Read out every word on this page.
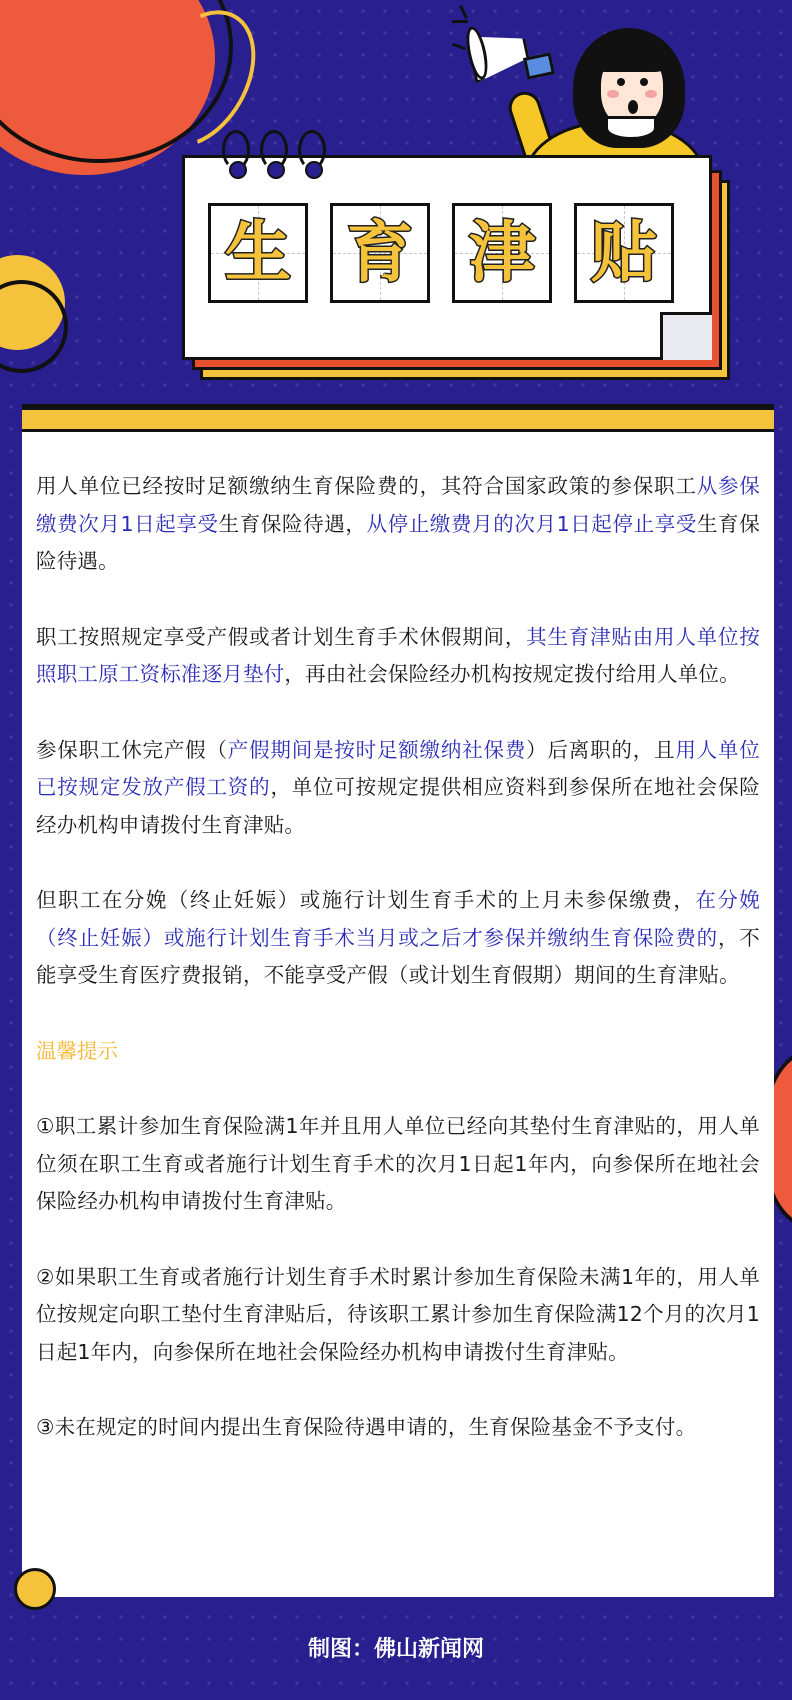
生 育 津 贴

用人单位已经按时足额缴纳生育保险费的，其符合国家政策的参保职工从参保缴费次月1日起享受生育保险待遇，从停止缴费月的次月1日起停止享受生育保险待遇。

职工按照规定享受产假或者计划生育手术休假期间，其生育津贴由用人单位按照职工原工资标准逐月垫付，再由社会保险经办机构按规定拨付给用人单位。

参保职工休完产假（产假期间是按时足额缴纳社保费）后离职的，且用人单位已按规定发放产假工资的，单位可按规定提供相应资料到参保所在地社会保险经办机构申请拨付生育津贴。

但职工在分娩（终止妊娠）或施行计划生育手术的上月未参保缴费，在分娩（终止妊娠）或施行计划生育手术当月或之后才参保并缴纳生育保险费的，不能享受生育医疗费报销，不能享受产假（或计划生育假期）期间的生育津贴。

温馨提示

①职工累计参加生育保险满1年并且用人单位已经向其垫付生育津贴的，用人单位须在职工生育或者施行计划生育手术的次月1日起1年内，向参保所在地社会保险经办机构申请拨付生育津贴。

②如果职工生育或者施行计划生育手术时累计参加生育保险未满1年的，用人单位按规定向职工垫付生育津贴后，待该职工累计参加生育保险满12个月的次月1日起1年内，向参保所在地社会保险经办机构申请拨付生育津贴。

③未在规定的时间内提出生育保险待遇申请的，生育保险基金不予支付。

制图：佛山新闻网
